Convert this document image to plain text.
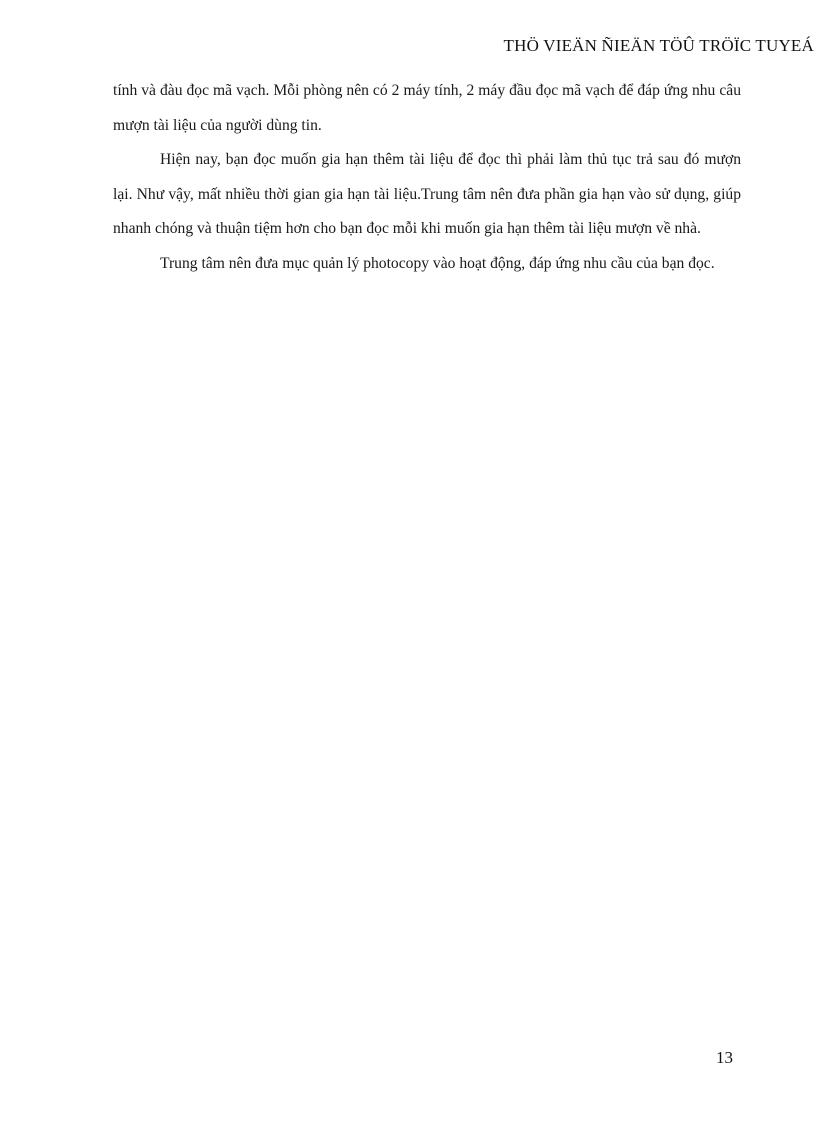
THÖ VIEÄN ÑIEÄN TÖÛ TRÖÏC TUYEÁ

tính và đàu đọc mã vạch. Mỗi phòng nên có 2 máy tính, 2 máy đầu đọc mã vạch để đáp ứng nhu câu mượn tài liệu của người dùng tin.

Hiện nay, bạn đọc muốn gia hạn thêm tài liệu để đọc thì phải làm thủ tục trả sau đó mượn lại. Như vậy, mất nhiều thời gian gia hạn tài liệu.Trung tâm nên đưa phần gia hạn vào sử dụng, giúp nhanh chóng và thuận tiệm hơn cho bạn đọc mỗi khi muốn gia hạn thêm tài liệu mượn về nhà.

Trung tâm nên đưa mục quản lý photocopy vào hoạt động, đáp ứng nhu cầu của bạn đọc.

13
